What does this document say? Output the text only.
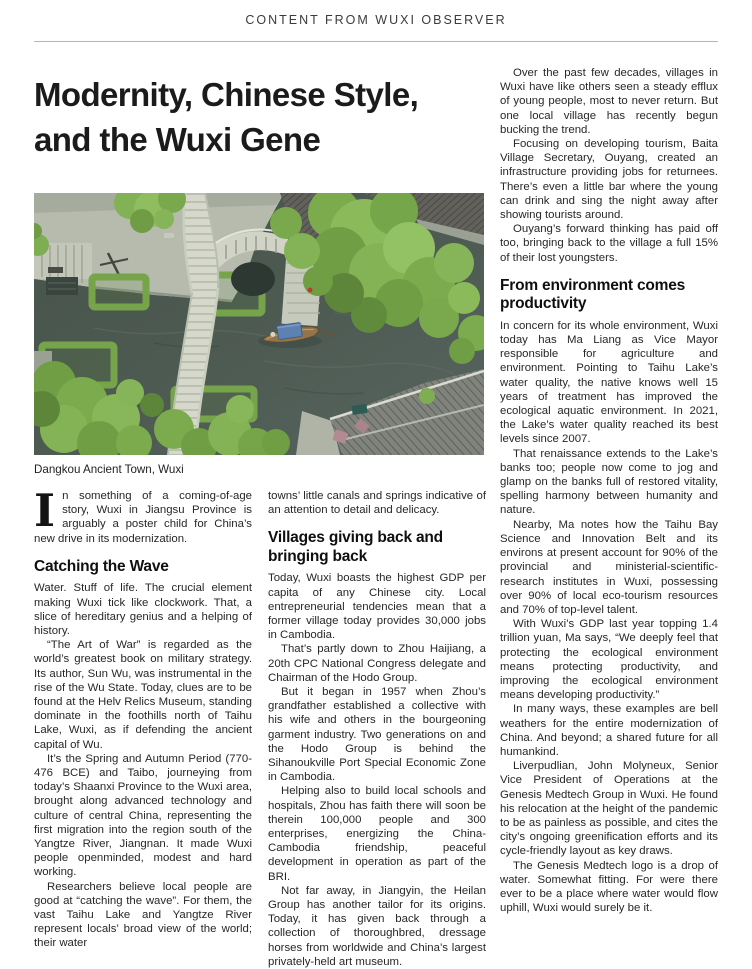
CONTENT FROM WUXI OBSERVER
Modernity, Chinese Style,
and the Wuxi Gene
Dangkou Ancient Town, Wuxi

In something of a coming-of-age story, Wuxi in Jiangsu Province is arguably a poster child for China’s new drive in its modernization.

Catching the Wave

Water. Stuff of life. The crucial element making Wuxi tick like clockwork. That, a slice of hereditary genius and a helping of history.

“The Art of War” is regarded as the world’s greatest book on military strategy. Its author, Sun Wu, was instrumental in the rise of the Wu State. Today, clues are to be found at the Helv Relics Museum, standing dominate in the foothills north of Taihu Lake, Wuxi, as if defending the ancient capital of Wu.

It’s the Spring and Autumn Period (770-476 BCE) and Taibo, journeying from today’s Shaanxi Province to the Wuxi area, brought along advanced technology and culture of central China, representing the first migration into the region south of the Yangtze River, Jiangnan. It made Wuxi people openminded, modest and hard working.

Researchers believe local people are good at “catching the wave”. For them, the vast Taihu Lake and Yangtze River represent locals’ broad view of the world; their water

towns’ little canals and springs indicative of an attention to detail and delicacy.

Villages giving back and bringing back

Today, Wuxi boasts the highest GDP per capita of any Chinese city. Local entrepreneurial tendencies mean that a former village today provides 30,000 jobs in Cambodia.

That’s partly down to Zhou Haijiang, a 20th CPC National Congress delegate and Chairman of the Hodo Group.

But it began in 1957 when Zhou’s grandfather established a collective with his wife and others in the bourgeoning garment industry. Two generations on and the Hodo Group is behind the Sihanoukville Port Special Economic Zone in Cambodia.

Helping also to build local schools and hospitals, Zhou has faith there will soon be therein 100,000 people and 300 enterprises, energizing the China-Cambodia friendship, peaceful development in operation as part of the BRI.

Not far away, in Jiangyin, the Heilan Group has another tailor for its origins. Today, it has given back through a collection of thoroughbred, dressage horses from worldwide and China’s largest privately-held art museum.

Over the past few decades, villages in Wuxi have like others seen a steady efflux of young people, most to never return. But one local village has recently begun bucking the trend.

Focusing on developing tourism, Baita Village Secretary, Ouyang, created an infrastructure providing jobs for returnees. There’s even a little bar where the young can drink and sing the night away after showing tourists around.

Ouyang’s forward thinking has paid off too, bringing back to the village a full 15% of their lost youngsters.

From environment comes productivity

In concern for its whole environment, Wuxi today has Ma Liang as Vice Mayor responsible for agriculture and environment. Pointing to Taihu Lake’s water quality, the native knows well 15 years of treatment has improved the ecological aquatic environment. In 2021, the Lake’s water quality reached its best levels since 2007.

That renaissance extends to the Lake’s banks too; people now come to jog and glamp on the banks full of restored vitality, spelling harmony between humanity and nature.

Nearby, Ma notes how the Taihu Bay Science and Innovation Belt and its environs at present account for 90% of the provincial and ministerial-scientific-research institutes in Wuxi, possessing over 90% of local eco-tourism resources and 70% of top-level talent.

With Wuxi’s GDP last year topping 1.4 trillion yuan, Ma says, “We deeply feel that protecting the ecological environment means protecting productivity, and improving the ecological environment means developing productivity.”

In many ways, these examples are bell weathers for the entire modernization of China. And beyond; a shared future for all humankind.

Liverpudlian, John Molyneux, Senior Vice President of Operations at the Genesis Medtech Group in Wuxi. He found his relocation at the height of the pandemic to be as painless as possible, and cites the city’s ongoing greenification efforts and its cycle-friendly layout as key draws.

The Genesis Medtech logo is a drop of water. Somewhat fitting. For were there ever to be a place where water would flow uphill, Wuxi would surely be it.
